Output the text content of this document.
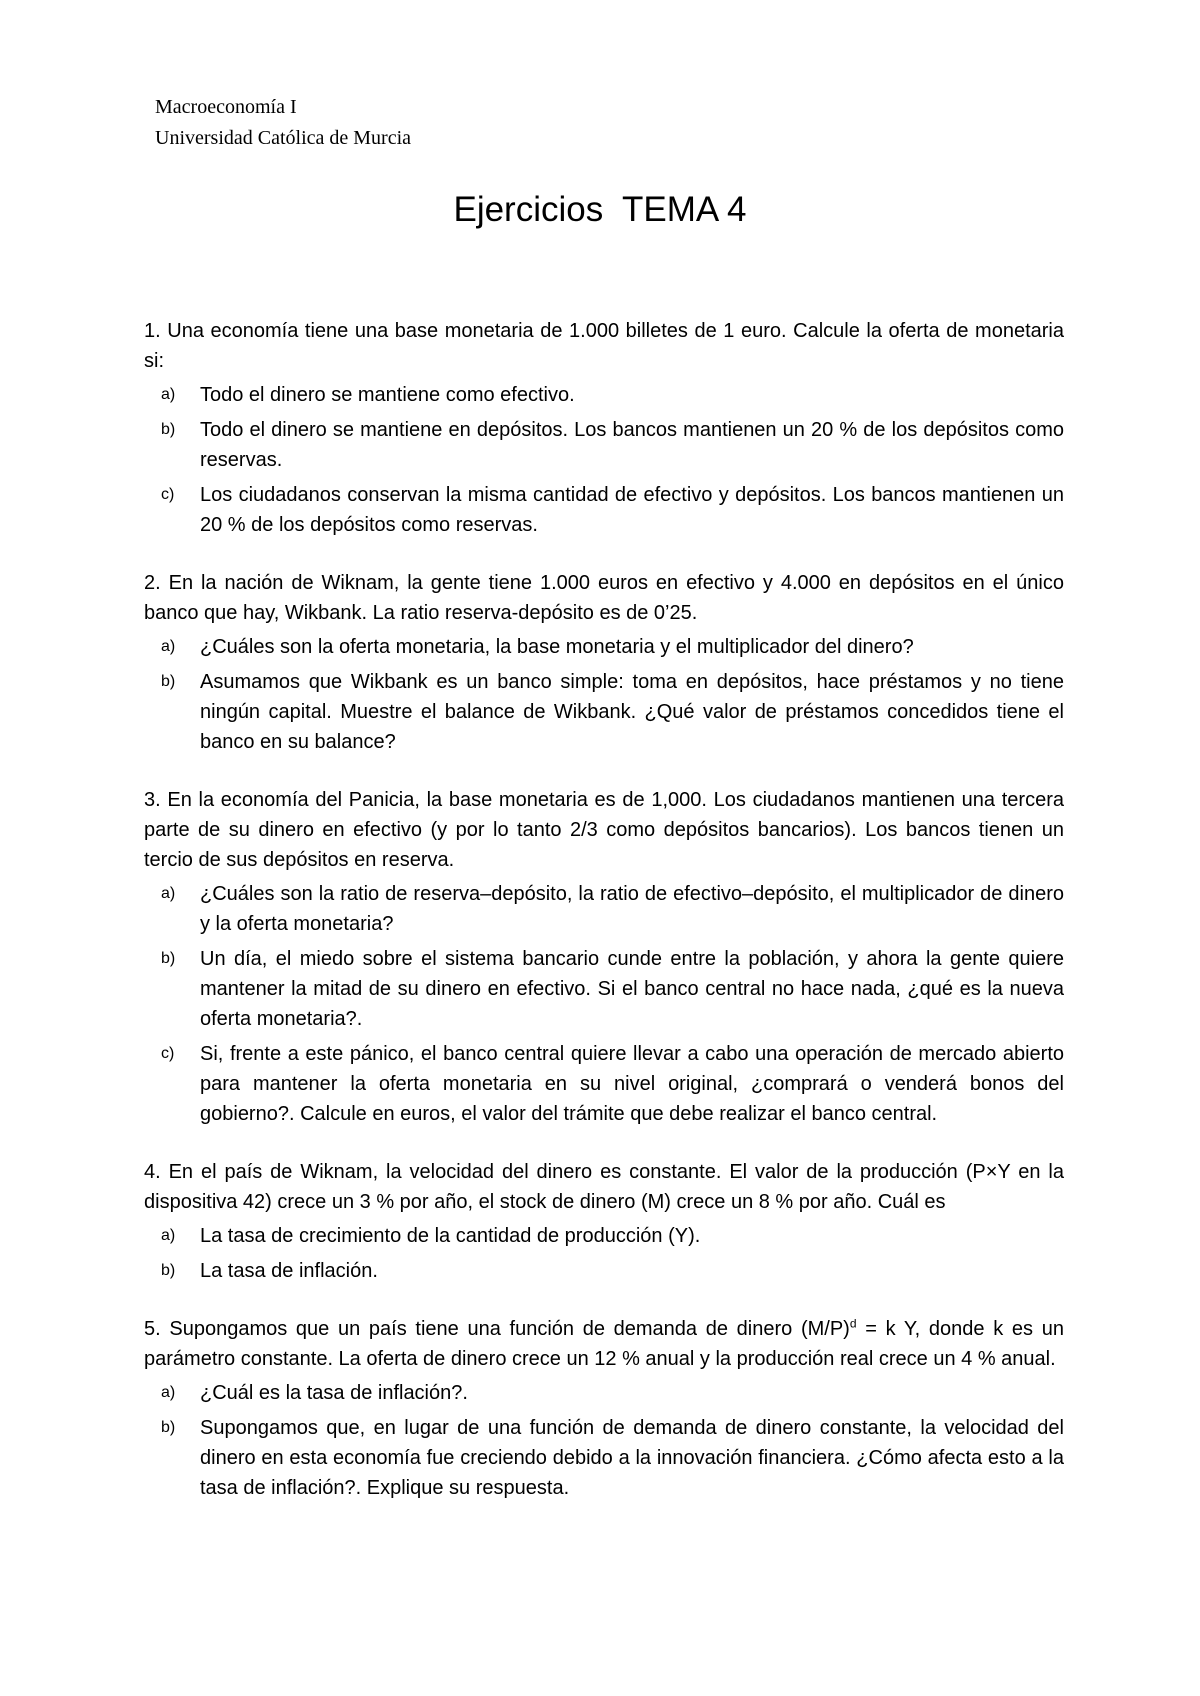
Macroeconomía I
Universidad Católica de Murcia
Ejercicios  TEMA 4
1. Una economía tiene una base monetaria de 1.000 billetes de 1 euro. Calcule la oferta de monetaria si:
a)	Todo el dinero se mantiene como efectivo.
b)	Todo el dinero se mantiene en depósitos. Los bancos mantienen un 20 % de los depósitos como reservas.
c)	Los ciudadanos conservan la misma cantidad de efectivo y depósitos. Los bancos mantienen un 20 % de los depósitos como reservas.
2. En la nación de Wiknam, la gente tiene 1.000 euros en efectivo y 4.000 en depósitos en el único banco que hay, Wikbank. La ratio reserva-depósito es de 0’25.
a)	¿Cuáles son la oferta monetaria, la base monetaria y el multiplicador del dinero?
b)	Asumamos que Wikbank es un banco simple: toma en depósitos, hace préstamos y no tiene ningún capital. Muestre el balance de Wikbank. ¿Qué valor de préstamos concedidos tiene el banco en su balance?
3. En la economía del Panicia, la base monetaria es de 1,000. Los ciudadanos mantienen una tercera parte de su dinero en efectivo (y por lo tanto 2/3 como depósitos bancarios). Los bancos tienen un tercio de sus depósitos en reserva.
a)	¿Cuáles son la ratio de reserva–depósito, la ratio de efectivo–depósito, el multiplicador de dinero y la oferta monetaria?
b)	Un día, el miedo sobre el sistema bancario cunde entre la población, y ahora la gente quiere mantener la mitad de su dinero en efectivo. Si el banco central no hace nada, ¿qué es la nueva oferta monetaria?.
c)	Si, frente a este pánico, el banco central quiere llevar a cabo una operación de mercado abierto para mantener la oferta monetaria en su nivel original, ¿comprará o venderá bonos del gobierno?. Calcule en euros, el valor del trámite que debe realizar el banco central.
4. En el país de Wiknam, la velocidad del dinero es constante. El valor de la producción (P×Y en la dispositiva 42) crece un 3 % por año, el stock de dinero (M) crece un 8 % por año. Cuál es
a)	La tasa de crecimiento de la cantidad de producción (Y).
b)	La tasa de inflación.
5. Supongamos que un país tiene una función de demanda de dinero $(M/P)^d = k$ Y, donde k es un parámetro constante. La oferta de dinero crece un 12 % anual y la producción real crece un 4 % anual.
a)	¿Cuál es la tasa de inflación?.
b)	Supongamos que, en lugar de una función de demanda de dinero constante, la velocidad del dinero en esta economía fue creciendo debido a la innovación financiera. ¿Cómo afecta esto a la tasa de inflación?. Explique su respuesta.
